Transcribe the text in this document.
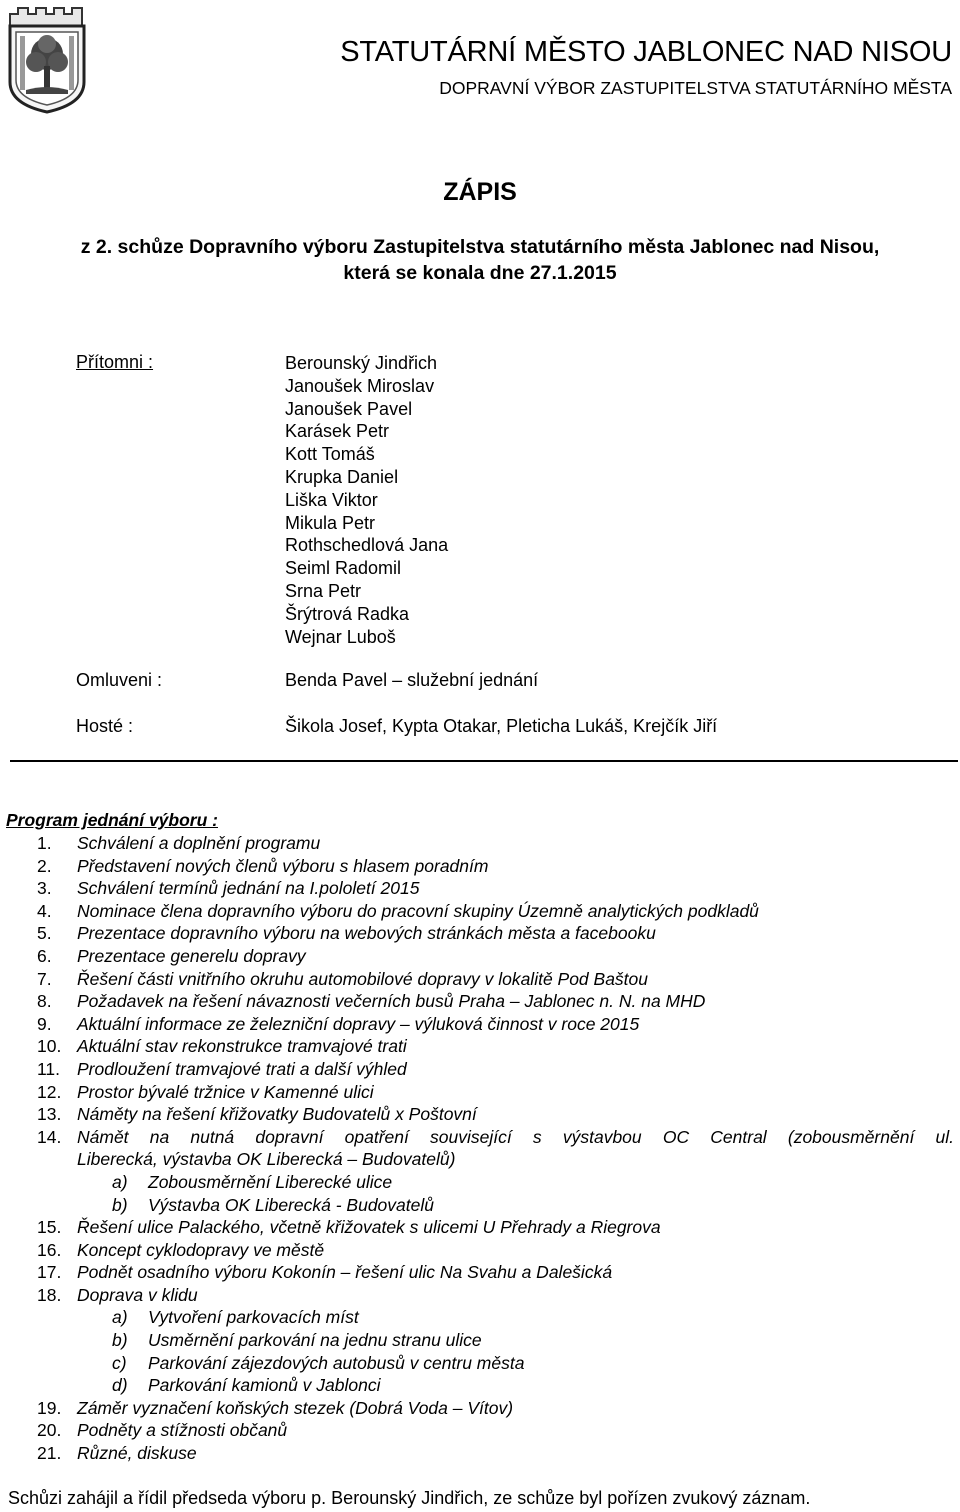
STATUTÁRNÍ MĚSTO JABLONEC NAD NISOU
DOPRAVNÍ VÝBOR ZASTUPITELSTVA STATUTÁRNÍHO MĚSTA
ZÁPIS
z 2. schůze Dopravního výboru Zastupitelstva statutárního města Jablonec nad Nisou,
která se konala dne 27.1.2015
Přítomni :	Berounský Jindřich
Janoušek Miroslav
Janoušek Pavel
Karásek Petr
Kott Tomáš
Krupka Daniel
Liška Viktor
Mikula Petr
Rothschedlová Jana
Seiml Radomil
Srna Petr
Šrýtrová Radka
Wejnar Luboš
Omluveni :	Benda Pavel – služební jednání
Hosté :	Šikola Josef, Kypta Otakar, Pleticha Lukáš, Krejčík Jiří
Program jednání výboru :
1. Schválení a doplnění programu
2. Představení nových členů výboru s hlasem poradním
3. Schválení termínů jednání na I.pololetí 2015
4. Nominace člena dopravního výboru do pracovní skupiny Územně analytických podkladů
5. Prezentace dopravního výboru na webových stránkách města a facebooku
6. Prezentace generelu dopravy
7. Řešení části vnitřního okruhu automobilové dopravy v lokalitě Pod Baštou
8. Požadavek na řešení návaznosti večerních busů Praha – Jablonec n. N. na MHD
9. Aktuální informace ze železniční dopravy – výluková činnost v roce 2015
10. Aktuální stav rekonstrukce tramvajové trati
11. Prodloužení tramvajové trati a další výhled
12. Prostor bývalé tržnice v Kamenné ulici
13. Náměty na řešení křižovatky Budovatelů x Poštovní
14. Námět na nutná dopravní opatření související s výstavbou OC Central (zobousměrnění ul.
Liberecká, výstavba OK Liberecká – Budovatelů)
a) Zobousměrnění Liberecké ulice
b) Výstavba OK Liberecká - Budovatelů
15. Řešení ulice Palackého, včetně křižovatek s ulicemi U Přehrady a Riegrova
16. Koncept cyklodopravy ve městě
17. Podnět osadního výboru Kokonín – řešení ulic Na Svahu a Dalešická
18. Doprava v klidu
a) Vytvoření parkovacích míst
b) Usměrnění parkování na jednu stranu ulice
c) Parkování zájezdových autobusů v centru města
d) Parkování kamionů v Jablonci
19. Záměr vyznačení koňských stezek (Dobrá Voda – Vítov)
20. Podněty a stížnosti občanů
21. Různé, diskuse
Schůzi zahájil a řídil předseda výboru p. Berounský Jindřich, ze schůze byl pořízen zvukový záznam.
